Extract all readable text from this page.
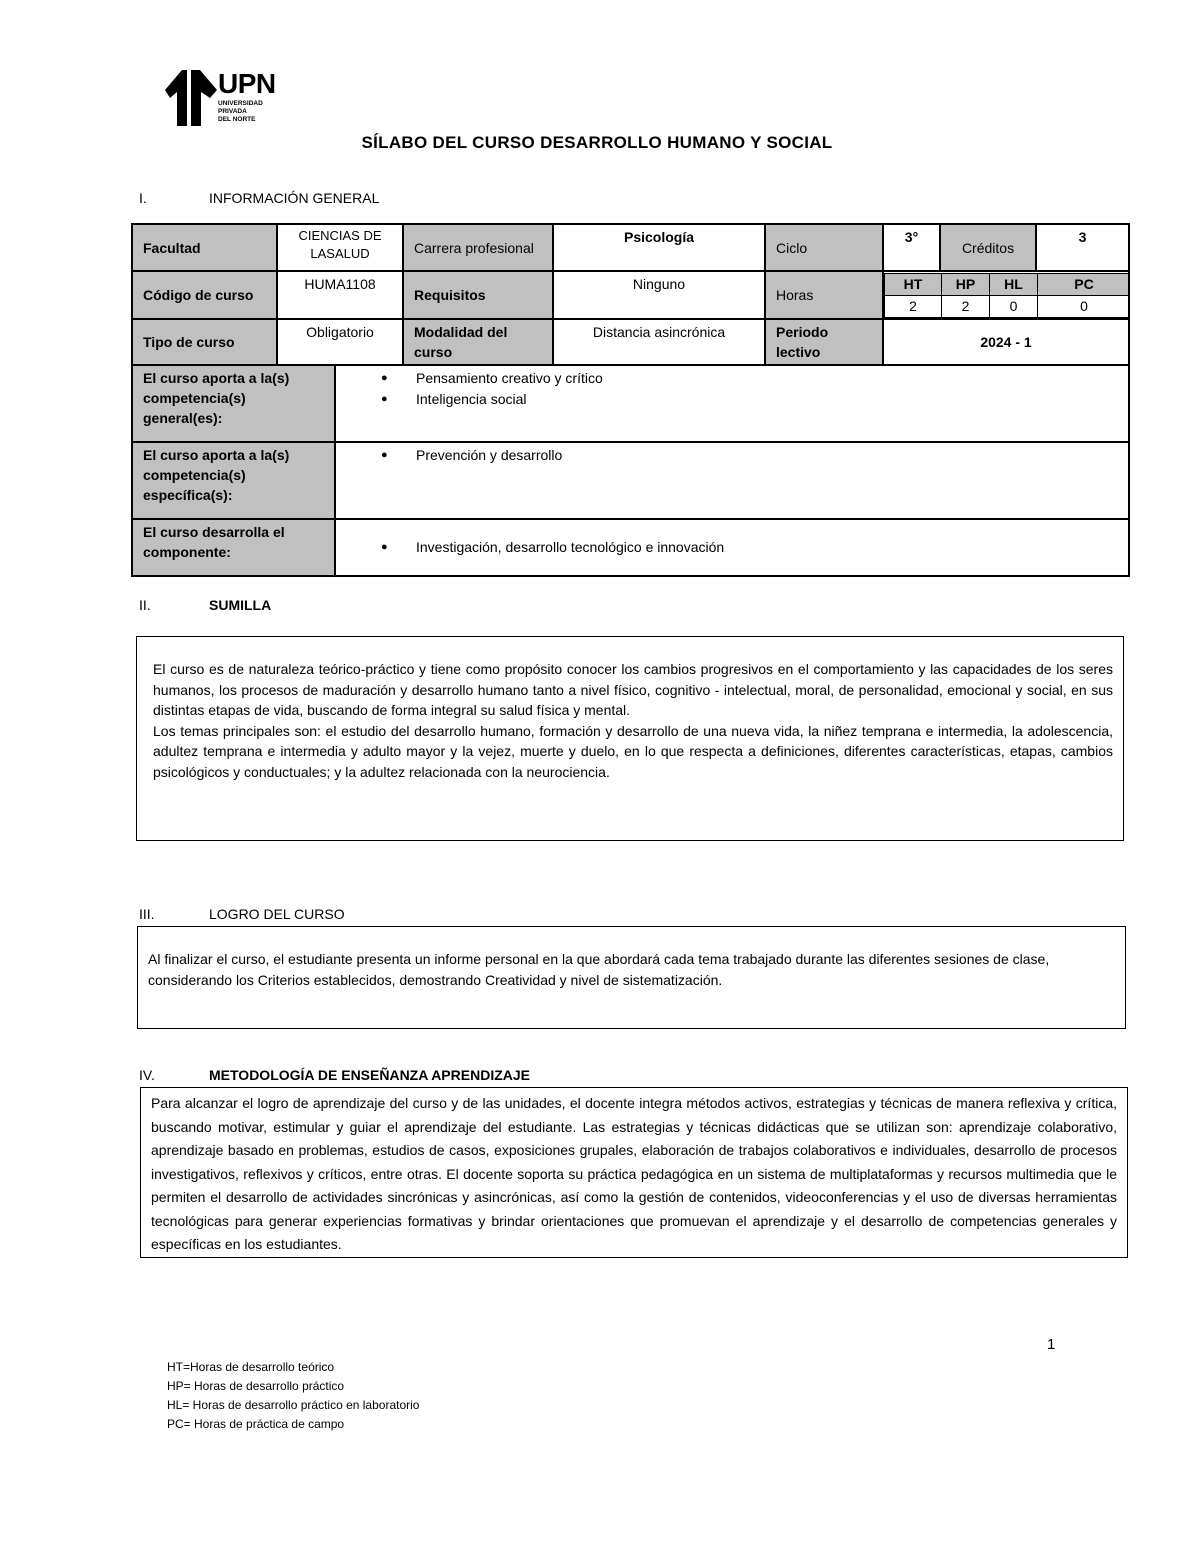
UPN
UNIVERSIDAD
PRIVADA
DEL NORTE
SÍLABO DEL CURSO DESARROLLO HUMANO Y SOCIAL
I.	INFORMACIÓN GENERAL
Facultad	CIENCIAS DE LASALUD	Carrera profesional	Psicología	Ciclo	3°	Créditos	3
Código de curso	HUMA1108	Requisitos	Ninguno	Horas	
HT	HP	HL	PC
2	2	0	0

Tipo de curso	Obligatorio	Modalidad del curso	Distancia asincrónica	Periodo lectivo	2024 - 1
El curso aporta a la(s) competencia(s) general(es):	
● Pensamiento creativo y crítico
● Inteligencia social

El curso aporta a la(s) competencia(s) específica(s):	
● Prevención y desarrollo

El curso desarrolla el componente:	
●Investigación, desarrollo tecnológico e innovación
II.	SUMILLA

El curso es de naturaleza teórico-práctico y tiene como propósito conocer los cambios progresivos en el comportamiento y las capacidades de los seres humanos, los procesos de maduración y desarrollo humano tanto a nivel físico, cognitivo - intelectual, moral, de personalidad, emocional y social, en sus distintas etapas de vida, buscando de forma integral su salud física y mental.

Los temas principales son: el estudio del desarrollo humano, formación y desarrollo de una nueva vida, la niñez temprana e intermedia, la adolescencia, adultez temprana e intermedia y adulto mayor y la vejez, muerte y duelo, en lo que respecta a definiciones, diferentes características, etapas, cambios psicológicos y conductuales; y la adultez relacionada con la neurociencia.

III.	LOGRO DEL CURSO

Al finalizar el curso, el estudiante presenta un informe personal en la que abordará cada tema trabajado durante las diferentes sesiones de clase, considerando los Criterios establecidos, demostrando Creatividad y nivel de sistematización.

IV.	METODOLOGÍA DE ENSEÑANZA APRENDIZAJE

Para alcanzar el logro de aprendizaje del curso y de las unidades, el docente integra métodos activos, estrategias y técnicas de manera reflexiva y crítica, buscando motivar, estimular y guiar el aprendizaje del estudiante. Las estrategias y técnicas didácticas que se utilizan son: aprendizaje colaborativo, aprendizaje basado en problemas, estudios de casos, exposiciones grupales, elaboración de trabajos colaborativos e individuales, desarrollo de procesos investigativos, reflexivos y críticos, entre otras. El docente soporta su práctica pedagógica en un sistema de multiplataformas y recursos multimedia que le permiten el desarrollo de actividades sincrónicas y asincrónicas, así como la gestión de contenidos, videoconferencias y el uso de diversas herramientas tecnológicas para generar experiencias formativas y brindar orientaciones que promuevan el aprendizaje y el desarrollo de competencias generales y específicas en los estudiantes.

1
HT=Horas de desarrollo teórico
HP= Horas de desarrollo práctico
HL= Horas de desarrollo práctico en laboratorio
PC= Horas de práctica de campo
